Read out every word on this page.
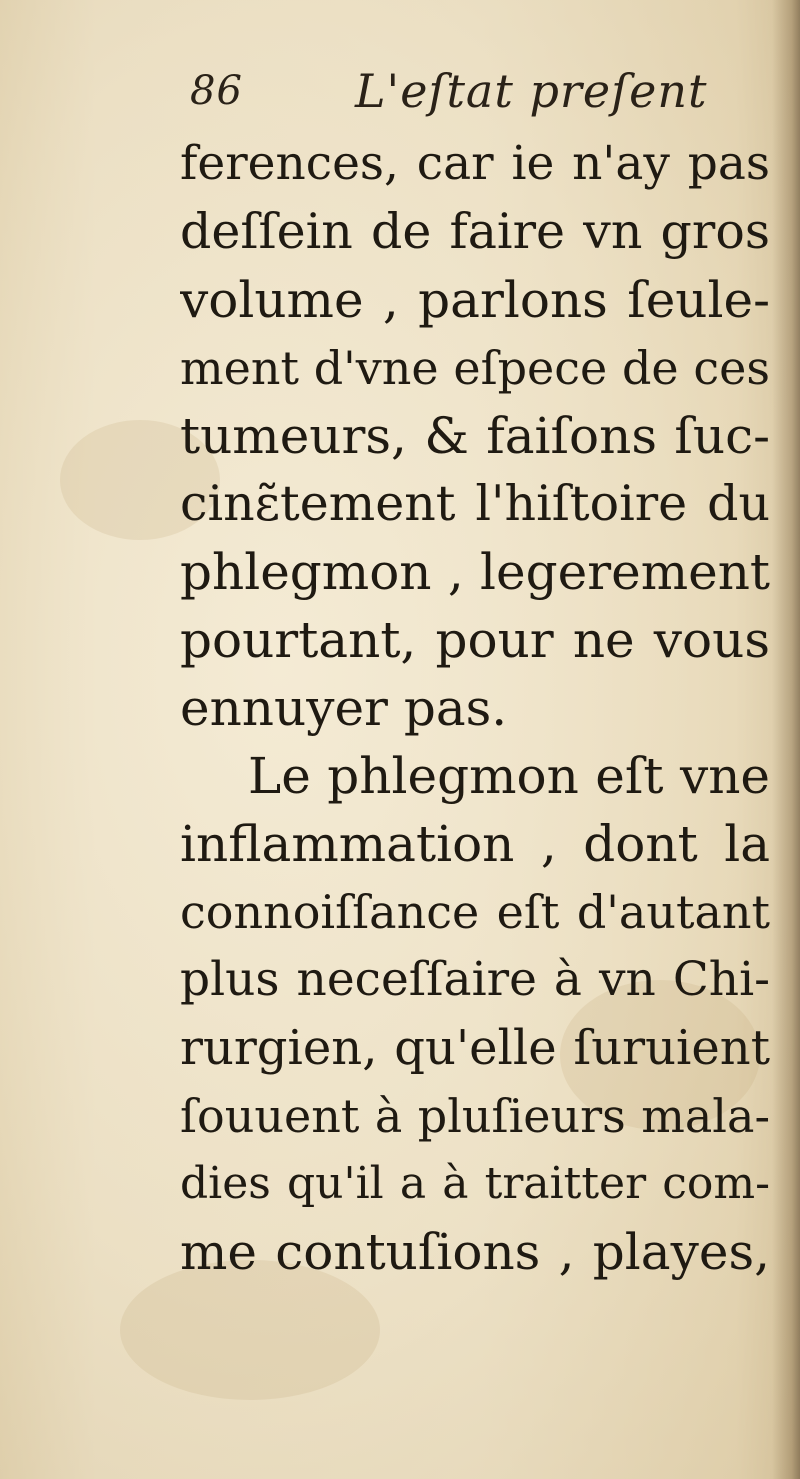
86 L'eſtat preſent
ferences, car ie n'ay pas
deſſein de faire vn gros
volume , parlons ſeule-
ment d'vne eſpece de ces
tumeurs, & faiſons ſuc-
cinɛ̃tement l'hiſtoire du
phlegmon , legerement
pourtant, pour ne vous
ennuyer pas.
Le phlegmon eſt vne
inflammation , dont la
connoiſſance eſt d'autant
plus neceſſaire à vn Chi-
rurgien, qu'elle ſuruient
ſouuent à pluſieurs mala-
dies qu'il a à traitter com-
me contuſions , playes,
